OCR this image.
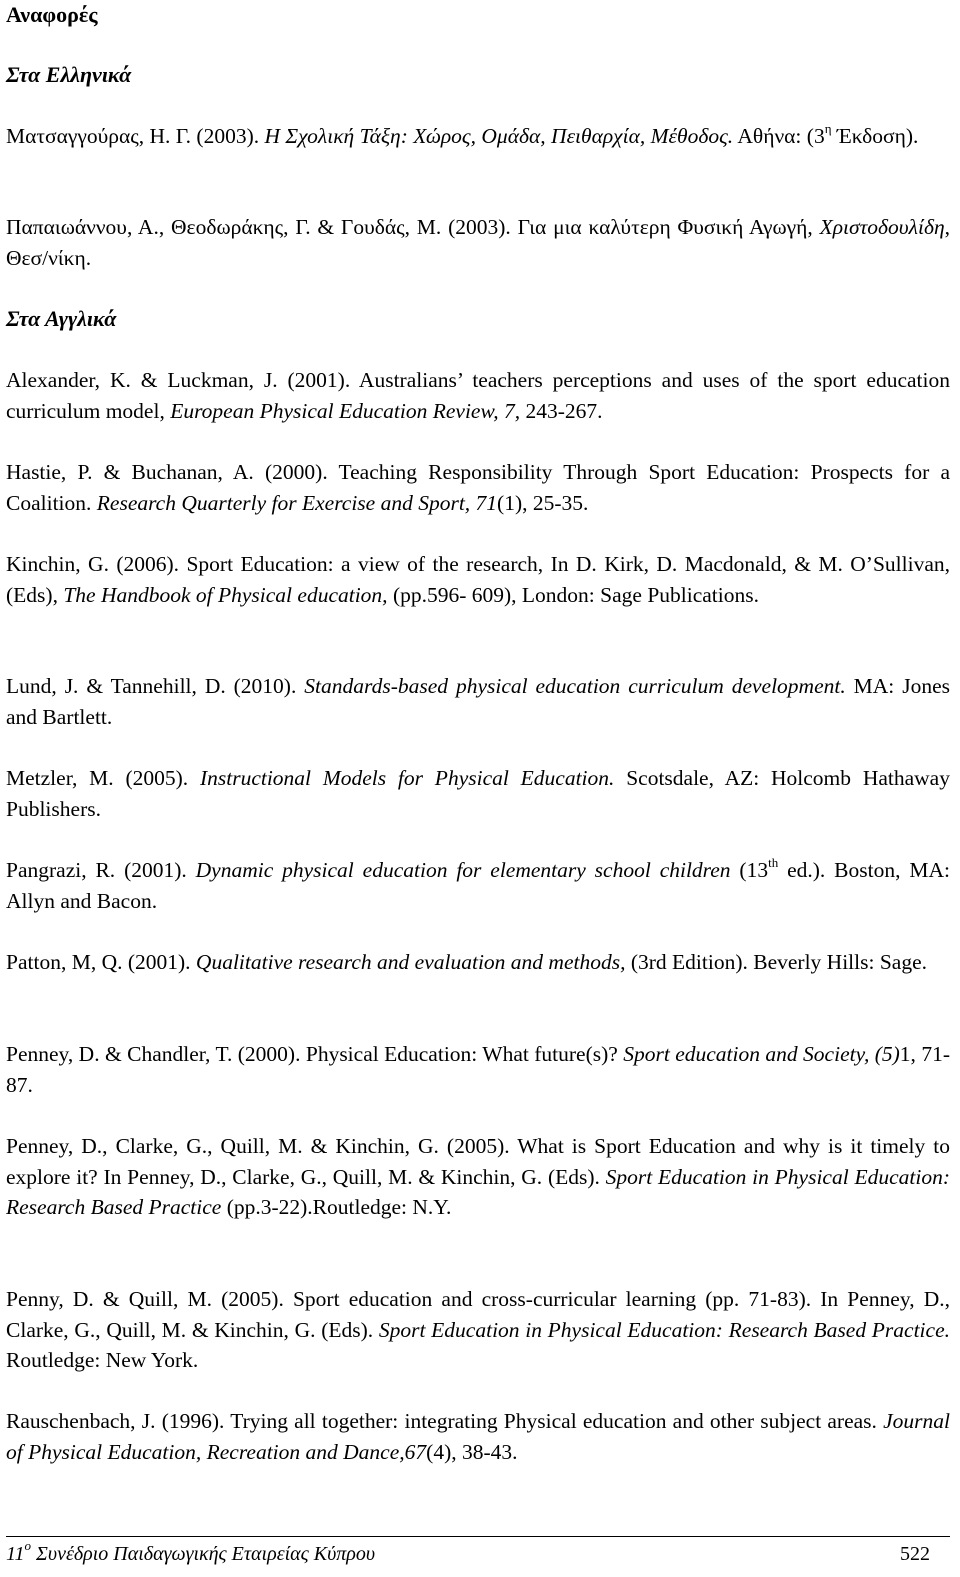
Αναφορές
Στα Ελληνικά
Ματσαγγούρας, Η. Γ. (2003). Η Σχολική Τάξη: Χώρος, Ομάδα, Πειθαρχία, Μέθοδος. Αθήνα: ($3^\eta$ Έκδοση).
Παπαιωάννου, Α., Θεοδωράκης, Γ. & Γουδάς, Μ. (2003). Για μια καλύτερη Φυσική Αγωγή, Χριστοδουλίδη, Θεσ/νίκη.
Στα Αγγλικά
Alexander, K. & Luckman, J. (2001). Australians’ teachers perceptions and uses of the sport education curriculum model, European Physical Education Review, 7, 243-267.
Hastie, P. & Buchanan, A. (2000). Teaching Responsibility Through Sport Education: Prospects for a Coalition. Research Quarterly for Exercise and Sport, 71(1), 25-35.
Kinchin, G. (2006). Sport Education: a view of the research, In D. Kirk, D. Macdonald, & M. O’Sullivan, (Eds), The Handbook of Physical education, (pp.596- 609), London: Sage Publications.
Lund, J. & Tannehill, D. (2010). Standards-based physical education curriculum development. MA: Jones and Bartlett.
Metzler, M. (2005). Instructional Models for Physical Education. Scotsdale, AZ: Holcomb Hathaway Publishers.
Pangrazi, R. (2001). Dynamic physical education for elementary school children (13th ed.). Boston, MA: Allyn and Bacon.
Patton, M, Q. (2001). Qualitative research and evaluation and methods, (3rd Edition). Beverly Hills: Sage.
Penney, D. & Chandler, T. (2000). Physical Education: What future(s)? Sport education and Society, (5)1, 71-87.
Penney, D., Clarke, G., Quill, M. & Kinchin, G. (2005). What is Sport Education and why is it timely to explore it? In Penney, D., Clarke, G., Quill, M. & Kinchin, G. (Eds). Sport Education in Physical Education: Research Based Practice (pp.3-22).Routledge: N.Y.
Penny, D. & Quill, M. (2005). Sport education and cross-curricular learning (pp. 71-83). In Penney, D., Clarke, G., Quill, M. & Kinchin, G. (Eds). Sport Education in Physical Education: Research Based Practice. Routledge: New York.
Rauschenbach, J. (1996). Trying all together: integrating Physical education and other subject areas. Journal of Physical Education, Recreation and Dance,67(4), 38-43.
$11^o$ Συνέδριο Παιδαγωγικής Εταιρείας Κύπρου	522
